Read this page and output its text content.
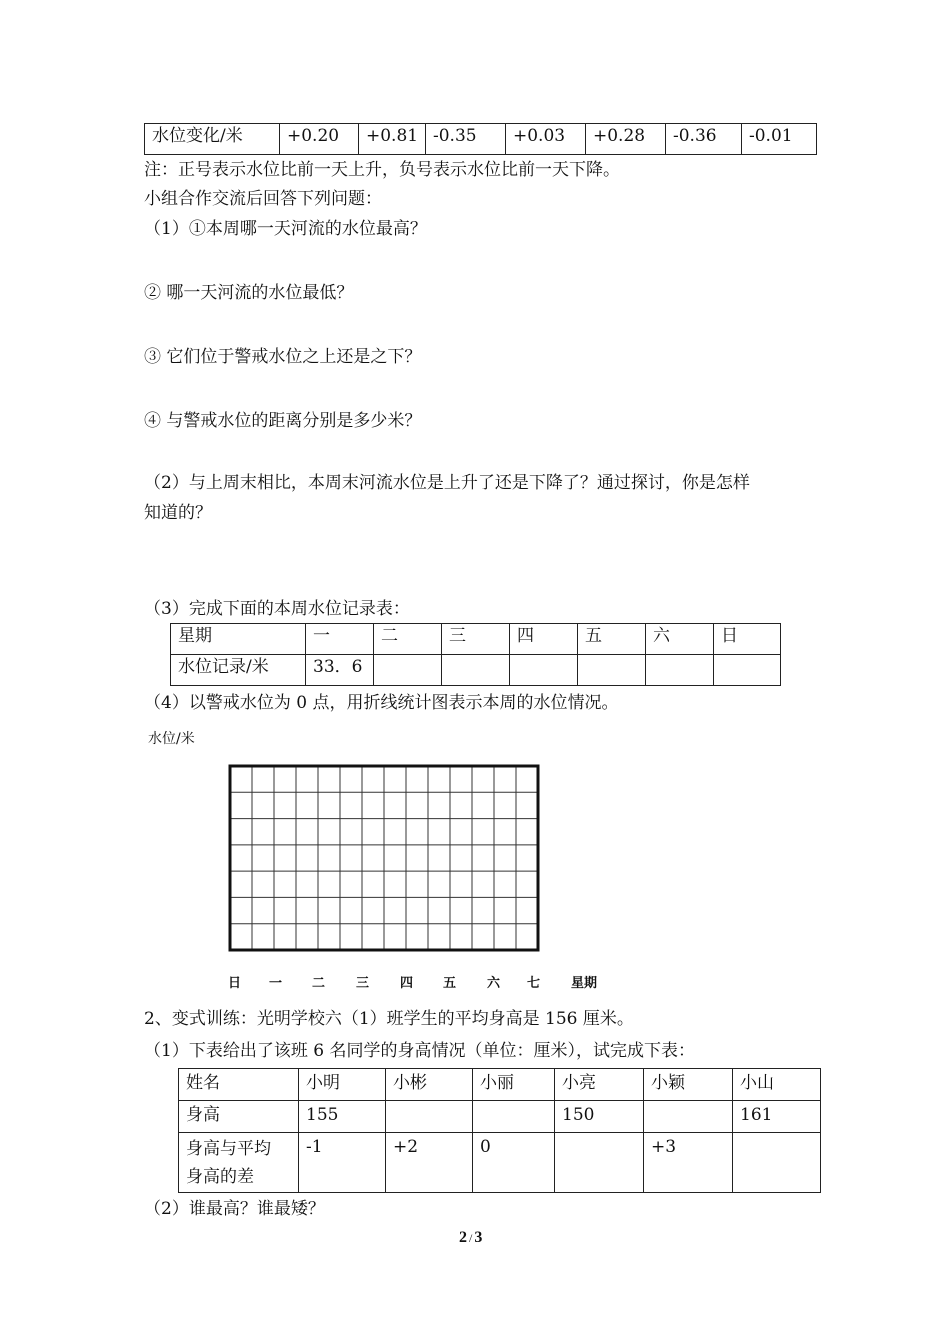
水位变化/米	+0.20	+0.81	-0.35	+0.03	+0.28	-0.36	-0.01
注：正号表示水位比前一天上升，负号表示水位比前一天下降。
小组合作交流后回答下列问题：
（1）①本周哪一天河流的水位最高？
② 哪一天河流的水位最低？
③ 它们位于警戒水位之上还是之下？
④ 与警戒水位的距离分别是多少米？
（2）与上周末相比，本周末河流水位是上升了还是下降了？通过探讨，你是怎样
知道的？
（3）完成下面的本周水位记录表：
星期	一	二	三	四	五	六	日
水位记录/米	33．6						
（4）以警戒水位为 0 点，用折线统计图表示本周的水位情况。
水位/米
日 一 二 三 四 五 六 七 星期
2、变式训练：光明学校六（1）班学生的平均身高是 156 厘米。
（1）下表给出了该班 6 名同学的身高情况（单位：厘米），试完成下表：
姓名	小明	小彬	小丽	小亮	小颖	小山
身高	155			150		161

身高与平均
身高的差	-1	+2	0		+3	
（2）谁最高？谁最矮？
2 / 3
